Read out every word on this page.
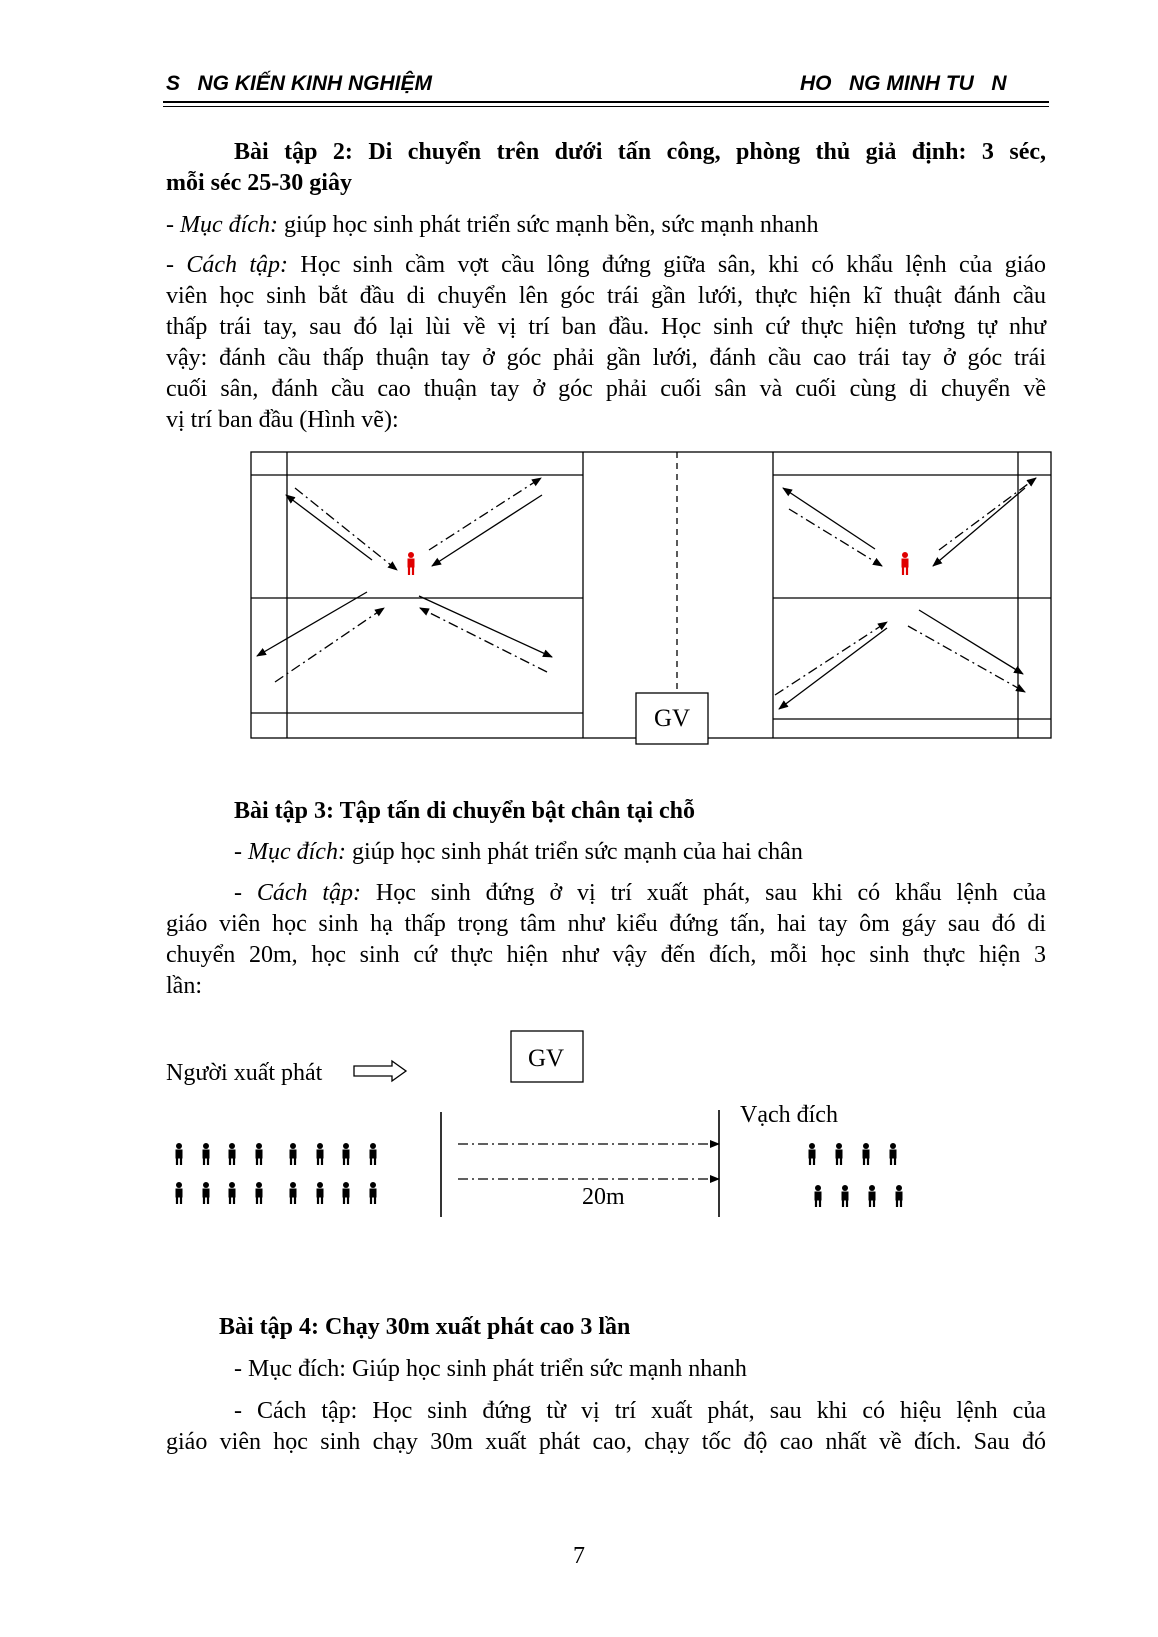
S   NG KIẾN KINH NGHIỆM	HO   NG MINH TU   N
Bài tập 2: Di chuyển trên dưới tấn công, phòng thủ giả định: 3 séc,
mỗi séc 25-30 giây
- Mục đích: giúp học sinh phát triển sức mạnh bền, sức mạnh nhanh
- Cách tập: Học sinh cầm vợt cầu lông đứng giữa sân, khi có khẩu lệnh của giáo
viên học sinh bắt đầu di chuyển lên góc trái gần lưới, thực hiện kĩ thuật đánh cầu
thấp trái tay, sau đó lại lùi về vị trí ban đầu. Học sinh cứ thực hiện tương tự như
vậy: đánh cầu thấp thuận tay ở góc phải gần lưới, đánh cầu cao trái tay ở góc trái
cuối sân, đánh cầu cao thuận tay ở góc phải cuối sân và cuối cùng di chuyển về
vị trí ban đầu (Hình vẽ):
GV
GV
Người xuất phát
Vạch đích
20m
Bài tập 3: Tập tấn di chuyển bật chân tại chỗ
- Mục đích: giúp học sinh phát triển sức mạnh của hai chân
- Cách tập: Học sinh đứng ở vị trí xuất phát, sau khi có khẩu lệnh của
giáo viên học sinh hạ thấp trọng tâm như kiểu đứng tấn, hai tay ôm gáy sau đó di
chuyển 20m, học sinh cứ thực hiện như vậy đến đích, mỗi học sinh thực hiện 3
lần:
Bài tập 4: Chạy 30m xuất phát cao 3 lần
- Mục đích: Giúp học sinh phát triển sức mạnh nhanh
- Cách tập: Học sinh đứng từ vị trí xuất phát, sau khi có hiệu lệnh của
giáo viên học sinh chạy 30m xuất phát cao, chạy tốc độ cao nhất về đích. Sau đó
7
